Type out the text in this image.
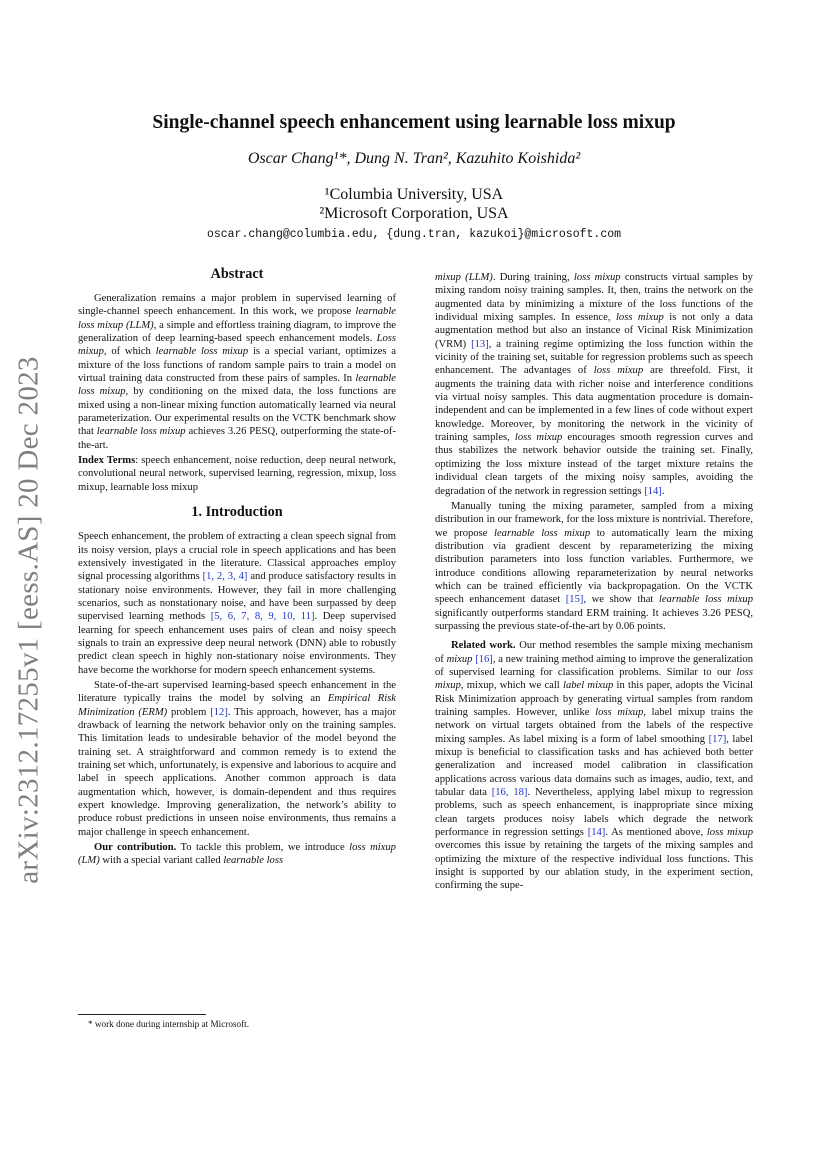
arXiv:2312.17255v1 [eess.AS] 20 Dec 2023
Single-channel speech enhancement using learnable loss mixup
Oscar Chang¹*, Dung N. Tran², Kazuhito Koishida²
¹Columbia University, USA
²Microsoft Corporation, USA
oscar.chang@columbia.edu, {dung.tran, kazukoi}@microsoft.com
Abstract

Generalization remains a major problem in supervised learning of single-channel speech enhancement. In this work, we propose learnable loss mixup (LLM), a simple and effortless training diagram, to improve the generalization of deep learning-based speech enhancement models. Loss mixup, of which learnable loss mixup is a special variant, optimizes a mixture of the loss functions of random sample pairs to train a model on virtual training data constructed from these pairs of samples. In learnable loss mixup, by conditioning on the mixed data, the loss functions are mixed using a non-linear mixing function automatically learned via neural parameterization. Our experimental results on the VCTK benchmark show that learnable loss mixup achieves 3.26 PESQ, outperforming the state-of-the-art.

Index Terms: speech enhancement, noise reduction, deep neural network, convolutional neural network, supervised learning, regression, mixup, loss mixup, learnable loss mixup

1. Introduction

Speech enhancement, the problem of extracting a clean speech signal from its noisy version, plays a crucial role in speech applications and has been extensively investigated in the literature. Classical approaches employ signal processing algorithms [1, 2, 3, 4] and produce satisfactory results in stationary noise environments. However, they fail in more challenging scenarios, such as nonstationary noise, and have been surpassed by deep supervised learning methods [5, 6, 7, 8, 9, 10, 11]. Deep supervised learning for speech enhancement uses pairs of clean and noisy speech signals to train an expressive deep neural network (DNN) able to robustly predict clean speech in highly non-stationary noise environments. They have become the workhorse for modern speech enhancement systems.

State-of-the-art supervised learning-based speech enhancement in the literature typically trains the model by solving an Empirical Risk Minimization (ERM) problem [12]. This approach, however, has a major drawback of learning the network behavior only on the training samples. This limitation leads to undesirable behavior of the model beyond the training set. A straightforward and common remedy is to extend the training set which, unfortunately, is expensive and laborious to acquire and label in speech applications. Another common approach is data augmentation which, however, is domain-dependent and thus requires expert knowledge. Improving generalization, the network’s ability to produce robust predictions in unseen noise environments, thus remains a major challenge in speech enhancement.

Our contribution. To tackle this problem, we introduce loss mixup (LM) with a special variant called learnable loss

mixup (LLM). During training, loss mixup constructs virtual samples by mixing random noisy training samples. It, then, trains the network on the augmented data by minimizing a mixture of the loss functions of the individual mixing samples. In essence, loss mixup is not only a data augmentation method but also an instance of Vicinal Risk Minimization (VRM) [13], a training regime optimizing the loss function within the vicinity of the training set, suitable for regression problems such as speech enhancement. The advantages of loss mixup are threefold. First, it augments the training data with richer noise and interference conditions via virtual noisy samples. This data augmentation procedure is domain-independent and can be implemented in a few lines of code without expert knowledge. Moreover, by monitoring the network in the vicinity of training samples, loss mixup encourages smooth regression curves and thus stabilizes the network behavior outside the training set. Finally, optimizing the loss mixture instead of the target mixture retains the individual clean targets of the mixing noisy samples, avoiding the degradation of the network in regression settings [14].

Manually tuning the mixing parameter, sampled from a mixing distribution in our framework, for the loss mixture is nontrivial. Therefore, we propose learnable loss mixup to automatically learn the mixing distribution via gradient descent by reparameterizing the mixing distribution parameters into loss function variables. Furthermore, we introduce conditions allowing reparameterization by neural networks which can be trained efficiently via backpropagation. On the VCTK speech enhancement dataset [15], we show that learnable loss mixup significantly outperforms standard ERM training. It achieves 3.26 PESQ, surpassing the previous state-of-the-art by 0.06 points.

Related work. Our method resembles the sample mixing mechanism of mixup [16], a new training method aiming to improve the generalization of supervised learning for classification problems. Similar to our loss mixup, mixup, which we call label mixup in this paper, adopts the Vicinal Risk Minimization approach by generating virtual samples from random training samples. However, unlike loss mixup, label mixup trains the network on virtual targets obtained from the labels of the respective mixing samples. As label mixing is a form of label smoothing [17], label mixup is beneficial to classification tasks and has achieved both better generalization and increased model calibration in classification applications across various data domains such as images, audio, text, and tabular data [16, 18]. Nevertheless, applying label mixup to regression problems, such as speech enhancement, is inappropriate since mixing clean targets produces noisy labels which degrade the network performance in regression settings [14]. As mentioned above, loss mixup overcomes this issue by retaining the targets of the mixing samples and optimizing the mixture of the respective individual loss functions. This insight is supported by our ablation study, in the experiment section, confirming the supe-

* work done during internship at Microsoft.
